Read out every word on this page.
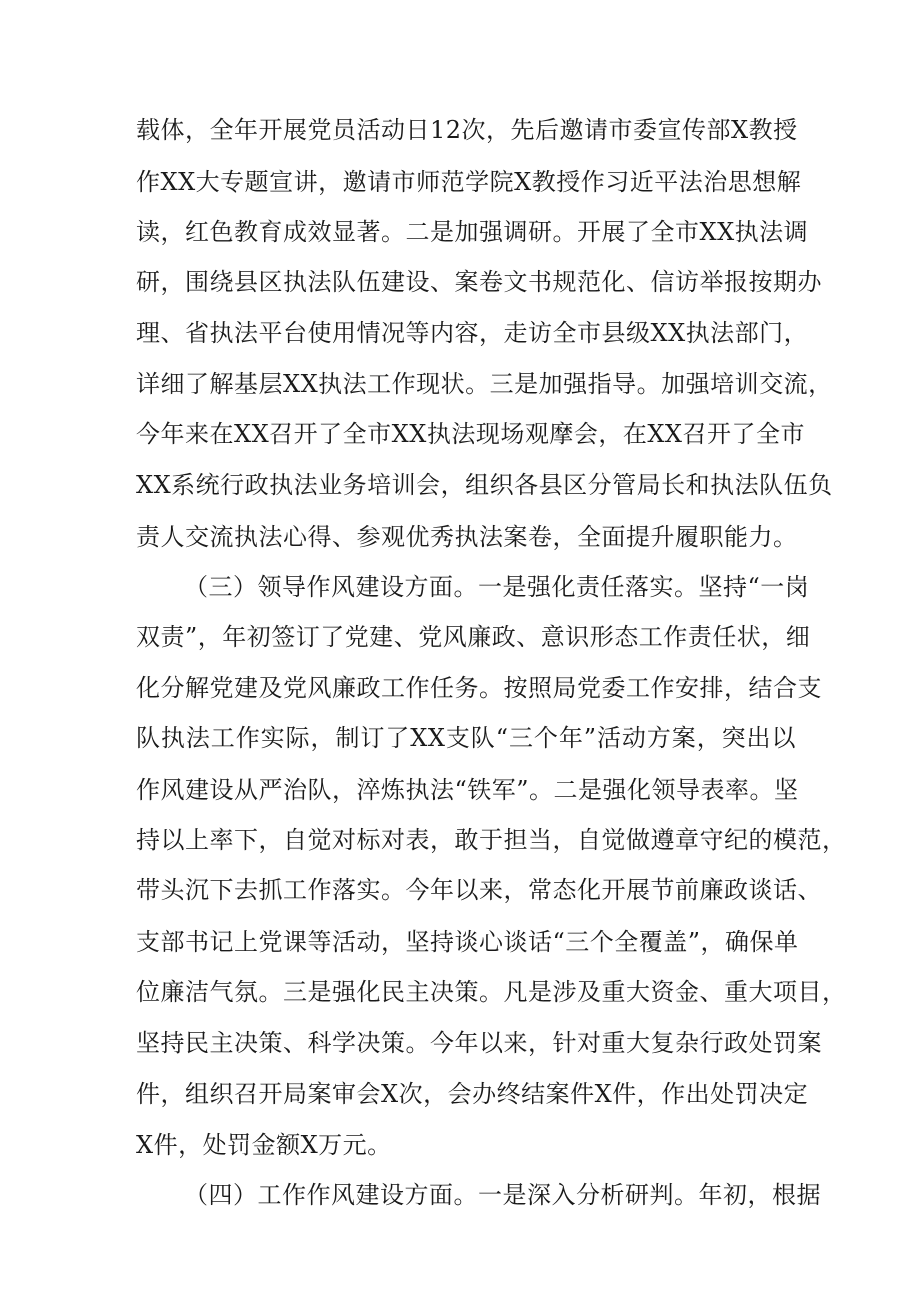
载体，全年开展党员活动日12次，先后邀请市委宣传部X教授
作XX大专题宣讲，邀请市师范学院X教授作习近平法治思想解
读，红色教育成效显著。二是加强调研。开展了全市XX执法调
研，围绕县区执法队伍建设、案卷文书规范化、信访举报按期办
理、省执法平台使用情况等内容，走访全市县级XX执法部门，
详细了解基层XX执法工作现状。三是加强指导。加强培训交流，
今年来在XX召开了全市XX执法现场观摩会，在XX召开了全市
XX系统行政执法业务培训会，组织各县区分管局长和执法队伍负
责人交流执法心得、参观优秀执法案卷，全面提升履职能力。
（三）领导作风建设方面。一是强化责任落实。坚持“一岗
双责”，年初签订了党建、党风廉政、意识形态工作责任状，细
化分解党建及党风廉政工作任务。按照局党委工作安排，结合支
队执法工作实际，制订了XX支队“三个年”活动方案，突出以
作风建设从严治队，淬炼执法“铁军”。二是强化领导表率。坚
持以上率下，自觉对标对表，敢于担当，自觉做遵章守纪的模范，
带头沉下去抓工作落实。今年以来，常态化开展节前廉政谈话、
支部书记上党课等活动，坚持谈心谈话“三个全覆盖”，确保单
位廉洁气氛。三是强化民主决策。凡是涉及重大资金、重大项目，
坚持民主决策、科学决策。今年以来，针对重大复杂行政处罚案
件，组织召开局案审会X次，会办终结案件X件，作出处罚决定
X件，处罚金额X万元。
（四）工作作风建设方面。一是深入分析研判。年初，根据
